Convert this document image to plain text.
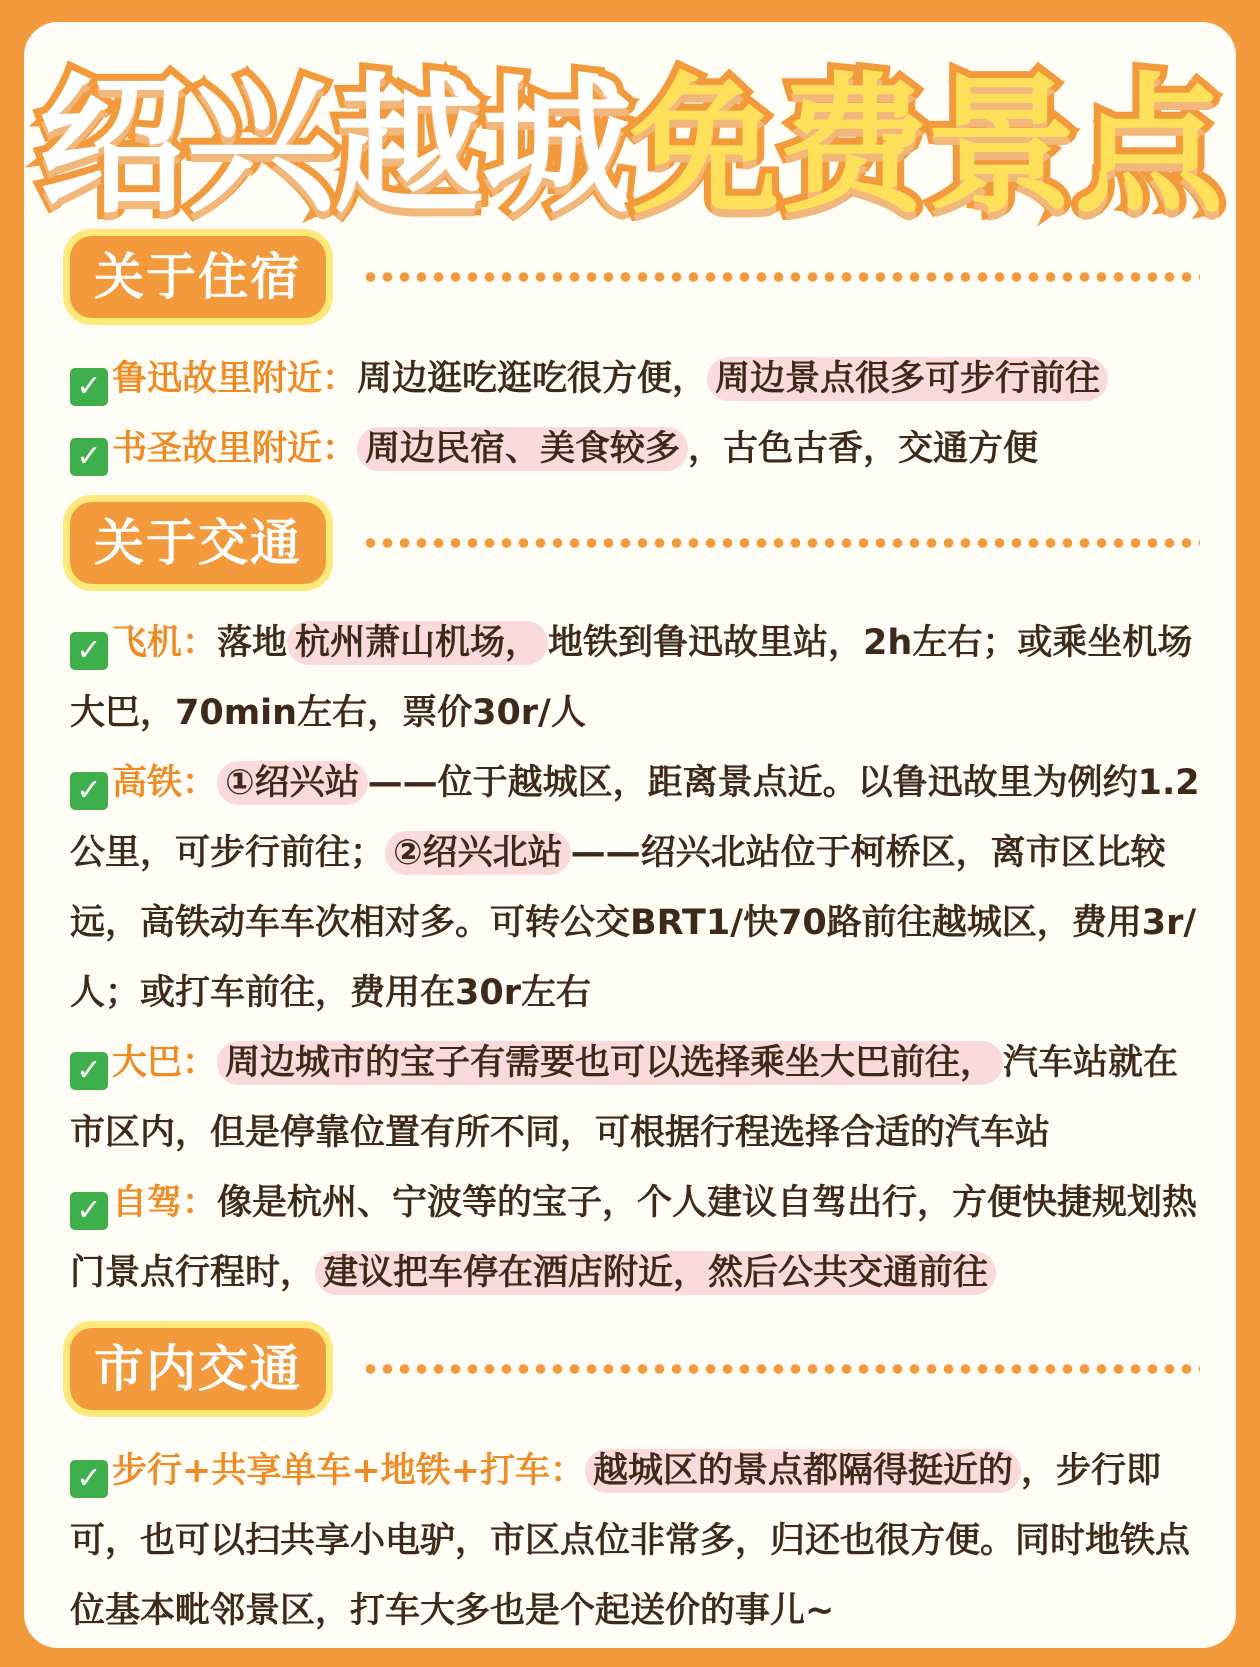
绍兴越城免费景点
关于住宿
✓ 鲁迅故里附近：周边逛吃逛吃很方便， 周边景点很多可步行前往
✓ 书圣故里附近： 周边民宿、美食较多 ，古色古香，交通方便
关于交通
✓ 飞机：落地 杭州萧山机场， 地铁到鲁迅故里站，2h左右；或乘坐机场大巴，70min左右，票价30r/人
✓ 高铁： ①绍兴站 ——位于越城区，距离景点近。以鲁迅故里为例约1.2公里，可步行前往； ②绍兴北站 ——绍兴北站位于柯桥区，离市区比较远，高铁动车车次相对多。可转公交BRT1/快70路前往越城区，费用3r/人；或打车前往，费用在30r左右
✓ 大巴： 周边城市的宝子有需要也可以选择乘坐大巴前往， 汽车站就在市区内，但是停靠位置有所不同，可根据行程选择合适的汽车站
✓ 自驾：像是杭州、宁波等的宝子，个人建议自驾出行，方便快捷规划热门景点行程时， 建议把车停在酒店附近，然后公共交通前往
市内交通
✓ 步行+共享单车+地铁+打车： 越城区的景点都隔得挺近的 ，步行即可，也可以扫共享小电驴，市区点位非常多，归还也很方便。同时地铁点位基本毗邻景区，打车大多也是个起送价的事儿~
